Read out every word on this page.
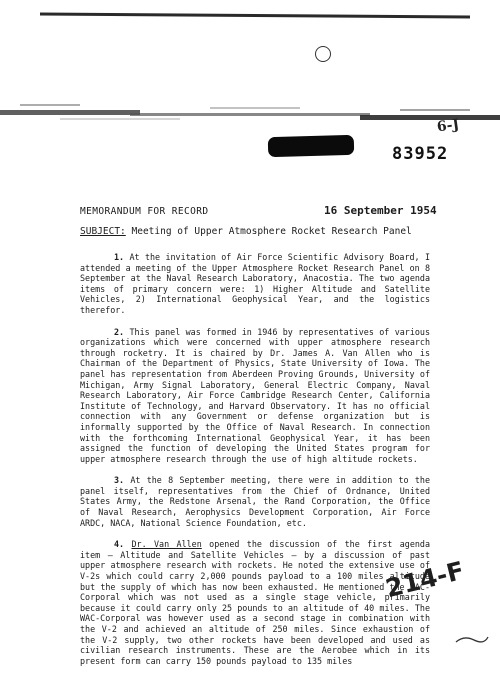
6-J
83952
MEMORANDUM FOR RECORD	16 September 1954
SUBJECT: Meeting of Upper Atmosphere Rocket Research Panel

1. At the invitation of Air Force Scientific Advisory Board, I attended a meeting of the Upper Atmosphere Rocket Research Panel on 8 September at the Naval Research Laboratory, Anacostia. The two agenda items of primary concern were: 1) Higher Altitude and Satellite Vehicles, 2) International Geophysical Year, and the logistics therefor.

2. This panel was formed in 1946 by representatives of various organizations which were concerned with upper atmosphere research through rocketry. It is chaired by Dr. James A. Van Allen who is Chairman of the Department of Physics, State University of Iowa. The panel has representation from Aberdeen Proving Grounds, University of Michigan, Army Signal Laboratory, General Electric Company, Naval Research Laboratory, Air Force Cambridge Research Center, California Institute of Technology, and Harvard Observatory. It has no official connection with any Government or defense organization but is informally supported by the Office of Naval Research. In connection with the forthcoming International Geophysical Year, it has been assigned the function of developing the United States program for upper atmosphere research through the use of high altitude rockets.

3. At the 8 September meeting, there were in addition to the panel itself, representatives from the Chief of Ordnance, United States Army, the Redstone Arsenal, the Rand Corporation, the Office of Naval Research, Aerophysics Development Corporation, Air Force ARDC, NACA, National Science Foundation, etc.

4. Dr. Van Allen opened the discussion of the first agenda item — Altitude and Satellite Vehicles — by a discussion of past upper atmosphere research with rockets. He noted the extensive use of V-2s which could carry 2,000 pounds payload to a 100 miles altitude but the supply of which has now been exhausted. He mentioned the WAC-Corporal which was not used as a single stage vehicle, primarily because it could carry only 25 pounds to an altitude of 40 miles. The WAC-Corporal was however used as a second stage in combination with the V-2 and achieved an altitude of 250 miles. Since exhaustion of the V-2 supply, two other rockets have been developed and used as civilian research instruments. These are the Aerobee which in its present form can carry 150 pounds payload to 135 miles

214-F
